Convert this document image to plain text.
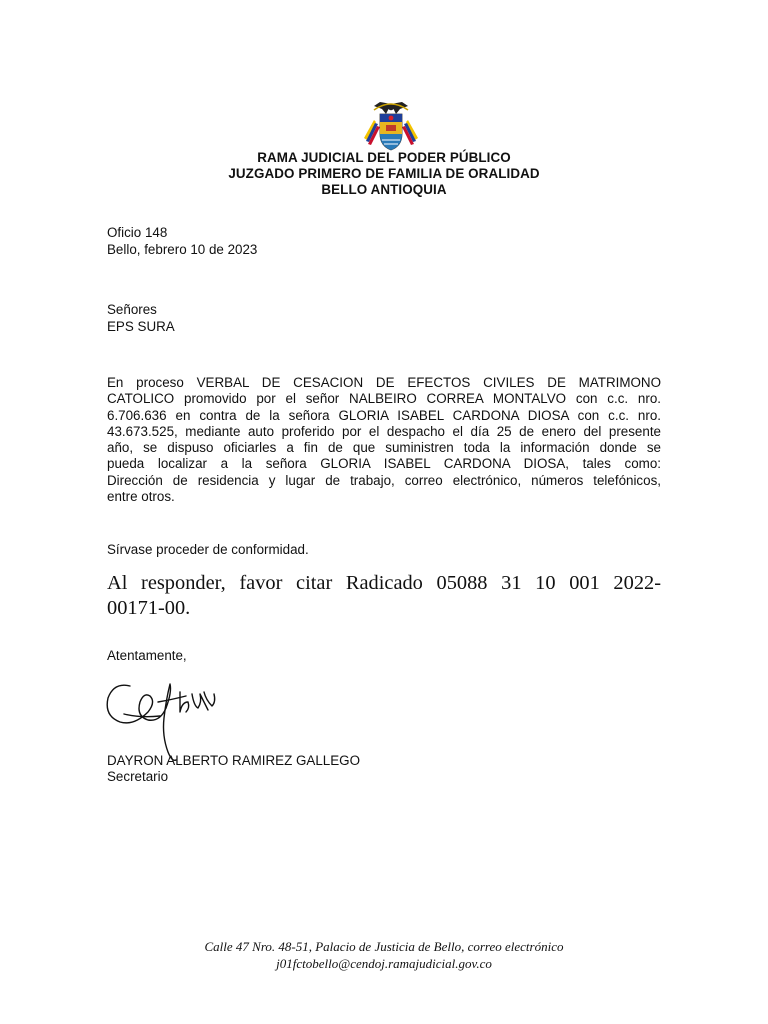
RAMA JUDICIAL DEL PODER PÚBLICO
JUZGADO PRIMERO DE FAMILIA DE ORALIDAD
BELLO ANTIOQUIA
Oficio 148
Bello, febrero 10 de 2023
Señores
EPS SURA
En proceso VERBAL DE CESACION DE EFECTOS CIVILES DE MATRIMONO
CATOLICO promovido por el señor NALBEIRO CORREA MONTALVO con c.c. nro.
6.706.636 en contra de la señora GLORIA ISABEL CARDONA DIOSA con c.c. nro.
43.673.525, mediante auto proferido por el despacho el día 25 de enero del presente
año, se dispuso oficiarles a fin de que suministren toda la información donde se
pueda localizar a la señora GLORIA ISABEL CARDONA DIOSA, tales como:
Dirección de residencia y lugar de trabajo, correo electrónico, números telefónicos,
entre otros.
Sírvase proceder de conformidad.
Al responder, favor citar Radicado 05088 31 10 001 2022-
00171-00.
Atentamente,
DAYRON ALBERTO RAMIREZ GALLEGO
Secretario
Calle 47 Nro. 48-51, Palacio de Justicia de Bello, correo electrónico
j01fctobello@cendoj.ramajudicial.gov.co
